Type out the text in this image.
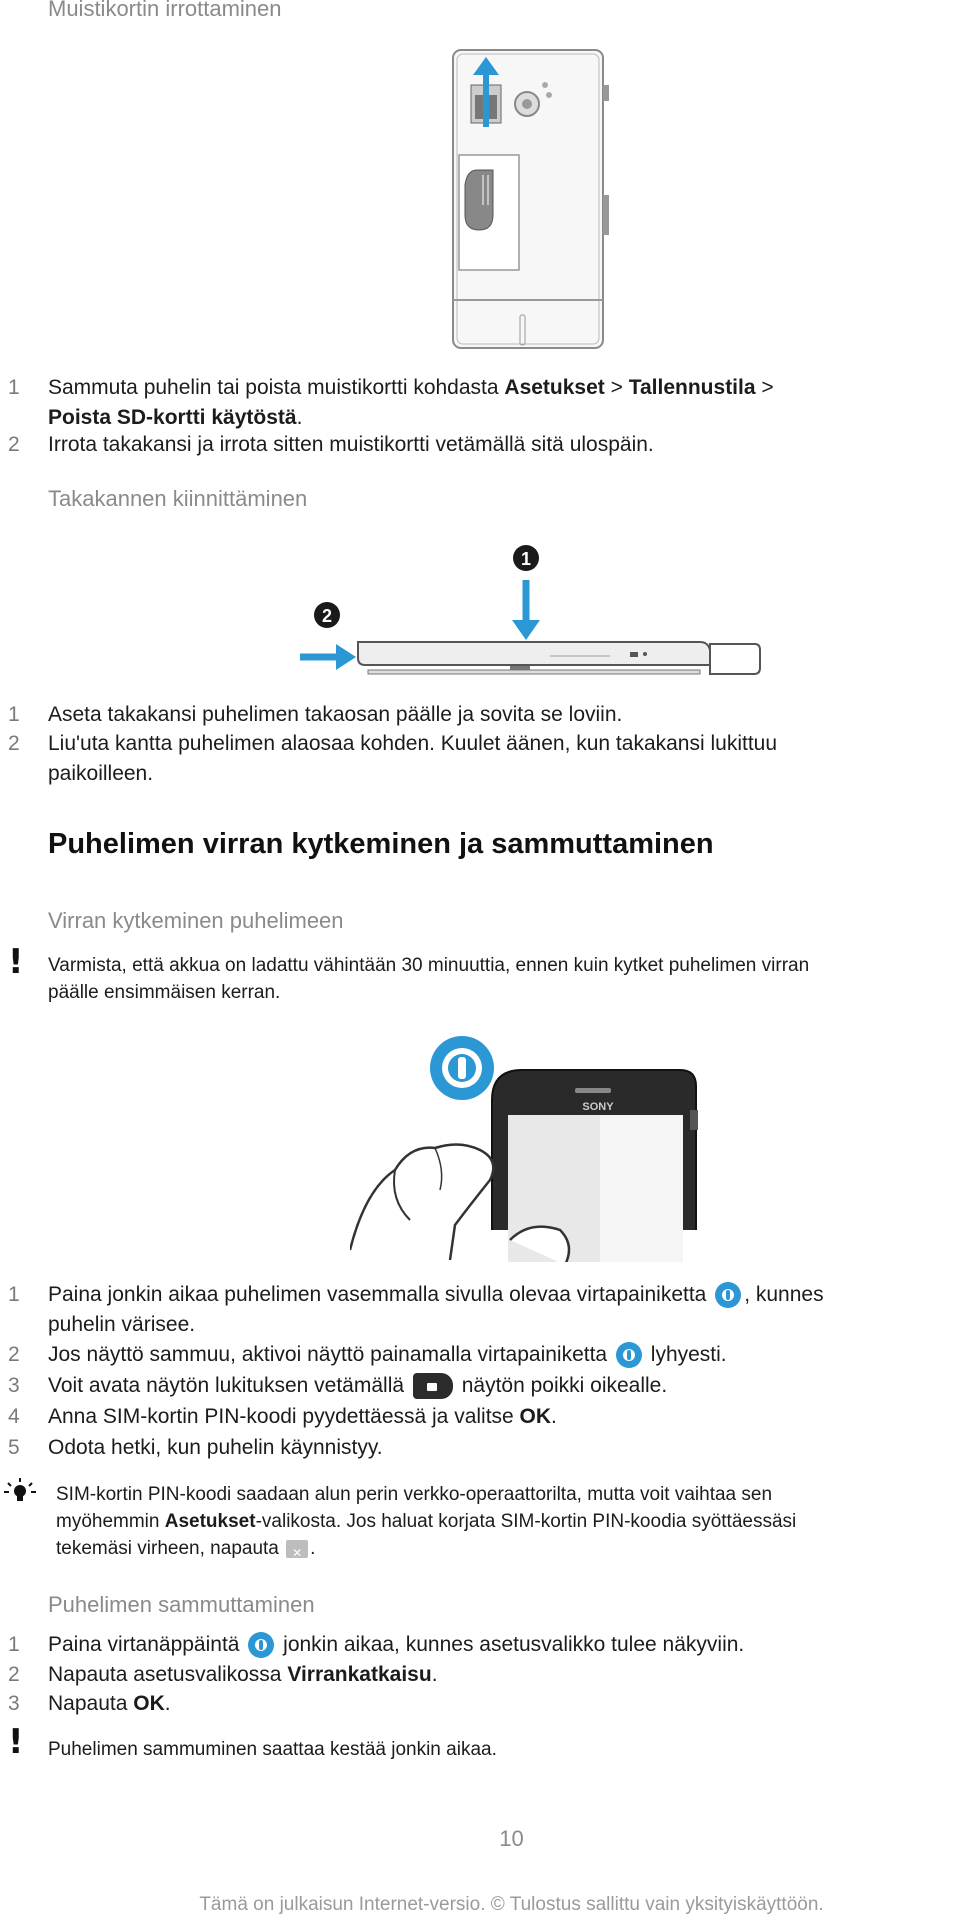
Muistikortin irrottaminen
1	Sammuta puhelin tai poista muistikortti kohdasta Asetukset > Tallennustila >
Poista SD-kortti käytöstä.
2	Irrota takakansi ja irrota sitten muistikortti vetämällä sitä ulospäin.
Takakannen kiinnittäminen
1
2
1	Aseta takakansi puhelimen takaosan päälle ja sovita se loviin.
2	Liu'uta kantta puhelimen alaosaa kohden. Kuulet äänen, kun takakansi lukittuu
paikoilleen.
Puhelimen virran kytkeminen ja sammuttaminen
Virran kytkeminen puhelimeen
! Varmista, että akkua on ladattu vähintään 30 minuuttia, ennen kuin kytket puhelimen virran
päälle ensimmäisen kerran.
SONY
1	Paina jonkin aikaa puhelimen vasemmalla sivulla olevaa virtapainiketta , kunnes
puhelin värisee.
2	Jos näyttö sammuu, aktivoi näyttö painamalla virtapainiketta  lyhyesti.
3	Voit avata näytön lukituksen vetämällä  näytön poikki oikealle.
4	Anna SIM-kortin PIN-koodi pyydettäessä ja valitse OK.
5	Odota hetki, kun puhelin käynnistyy.
SIM-kortin PIN-koodi saadaan alun perin verkko-operaattorilta, mutta voit vaihtaa sen
myöhemmin Asetukset-valikosta. Jos haluat korjata SIM-kortin PIN-koodia syöttäessäsi
tekemäsi virheen, napauta ✕.
Puhelimen sammuttaminen
1	Paina virtanäppäintä  jonkin aikaa, kunnes asetusvalikko tulee näkyviin.
2	Napauta asetusvalikossa Virrankatkaisu.
3	Napauta OK.
! Puhelimen sammuminen saattaa kestää jonkin aikaa.
10
Tämä on julkaisun Internet-versio. © Tulostus sallittu vain yksityiskäyttöön.
